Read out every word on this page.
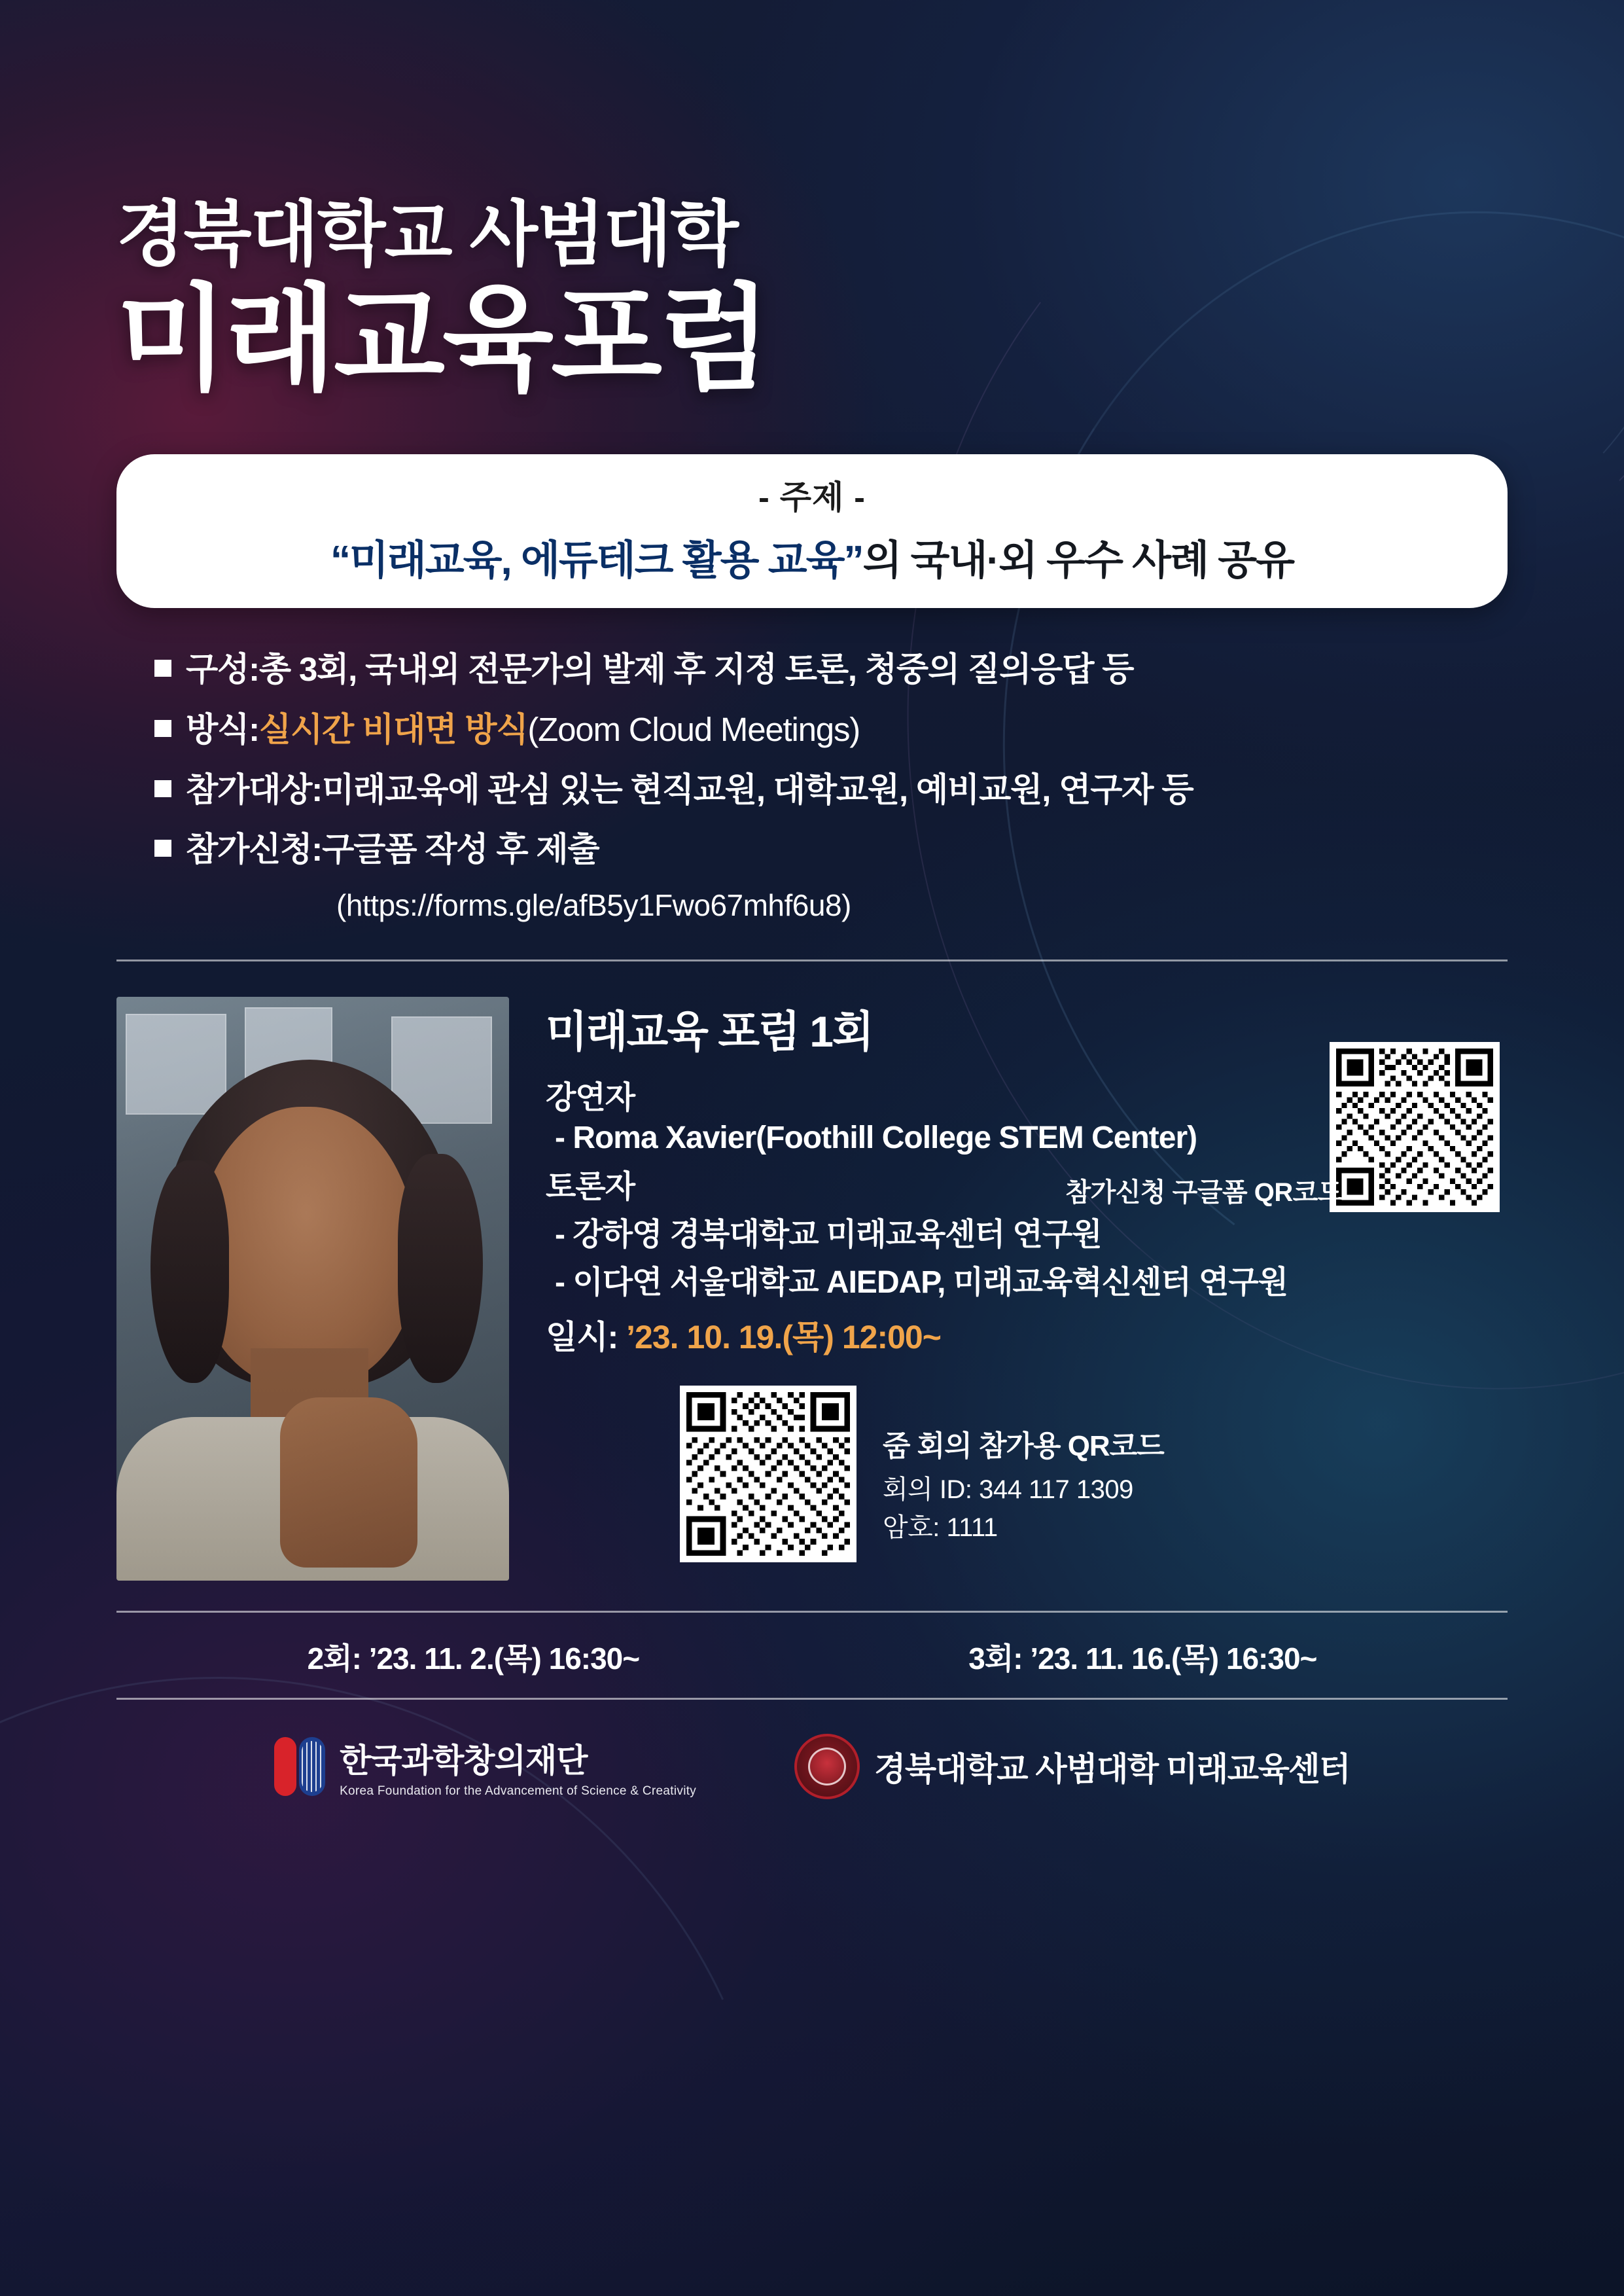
경북대학교 사범대학
미래교육포럼
- 주제 -
“미래교육, 에듀테크 활용 교육”의 국내·외 우수 사례 공유
구성: 총 3회, 국내외 전문가의 발제 후 지정 토론, 청중의 질의응답 등
방식: 실시간 비대면 방식 (Zoom Cloud Meetings)
참가대상: 미래교육에 관심 있는 현직교원, 대학교원, 예비교원, 연구자 등
참가신청: 구글폼 작성 후 제출
(https://forms.gle/afB5y1Fwo67mhf6u8)
참가신청 구글폼 QR코드
미래교육 포럼 1회
강연자
- Roma Xavier(Foothill College STEM Center)
토론자
- 강하영 경북대학교 미래교육센터 연구원
- 이다연 서울대학교 AIEDAP, 미래교육혁신센터 연구원
일시: ’23. 10. 19.(목) 12:00~
줌 회의 참가용 QR코드
회의 ID: 344 117 1309
암호: 1111
2회: ’23. 11. 2.(목) 16:30~	3회: ’23. 11. 16.(목) 16:30~
한국과학창의재단
Korea Foundation for the Advancement of Science & Creativity
경북대학교 사범대학 미래교육센터
